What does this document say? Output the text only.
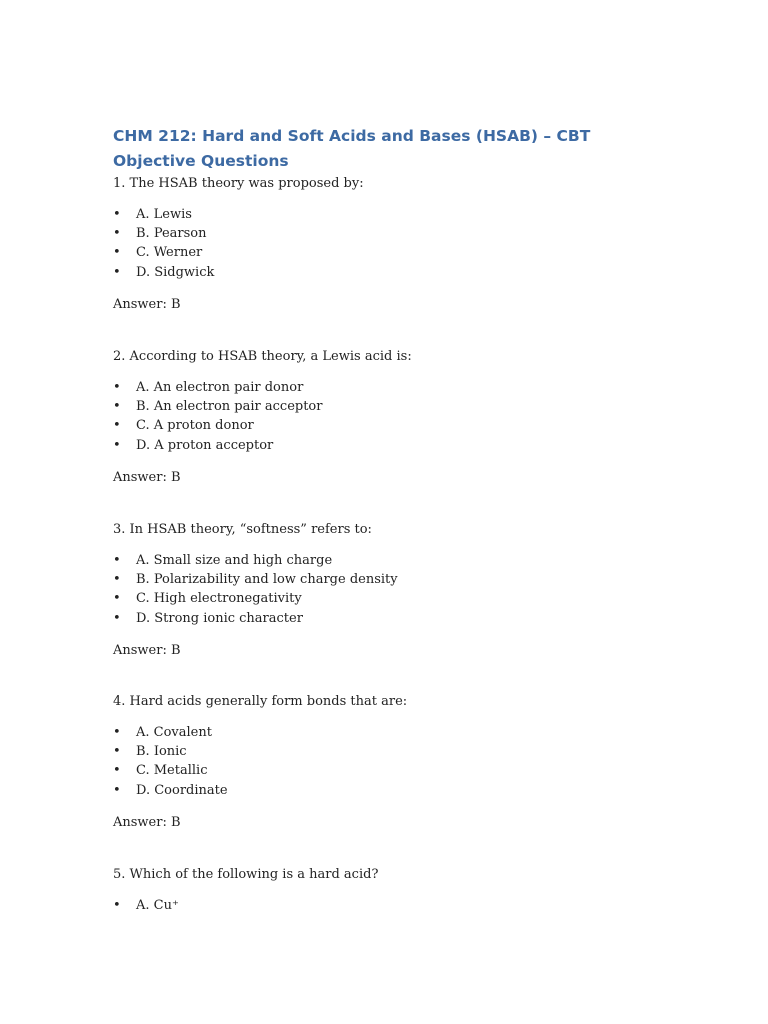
CHM 212: Hard and Soft Acids and Bases (HSAB) – CBT Objective Questions

1. The HSAB theory was proposed by:

• A. Lewis
• B. Pearson
• C. Werner
• D. Sidgwick

Answer: B

2. According to HSAB theory, a Lewis acid is:

• A. An electron pair donor
• B. An electron pair acceptor
• C. A proton donor
• D. A proton acceptor

Answer: B

3. In HSAB theory, “softness” refers to:

• A. Small size and high charge
• B. Polarizability and low charge density
• C. High electronegativity
• D. Strong ionic character

Answer: B

4. Hard acids generally form bonds that are:

• A. Covalent
• B. Ionic
• C. Metallic
• D. Coordinate

Answer: B

5. Which of the following is a hard acid?

• A. Cu⁺
